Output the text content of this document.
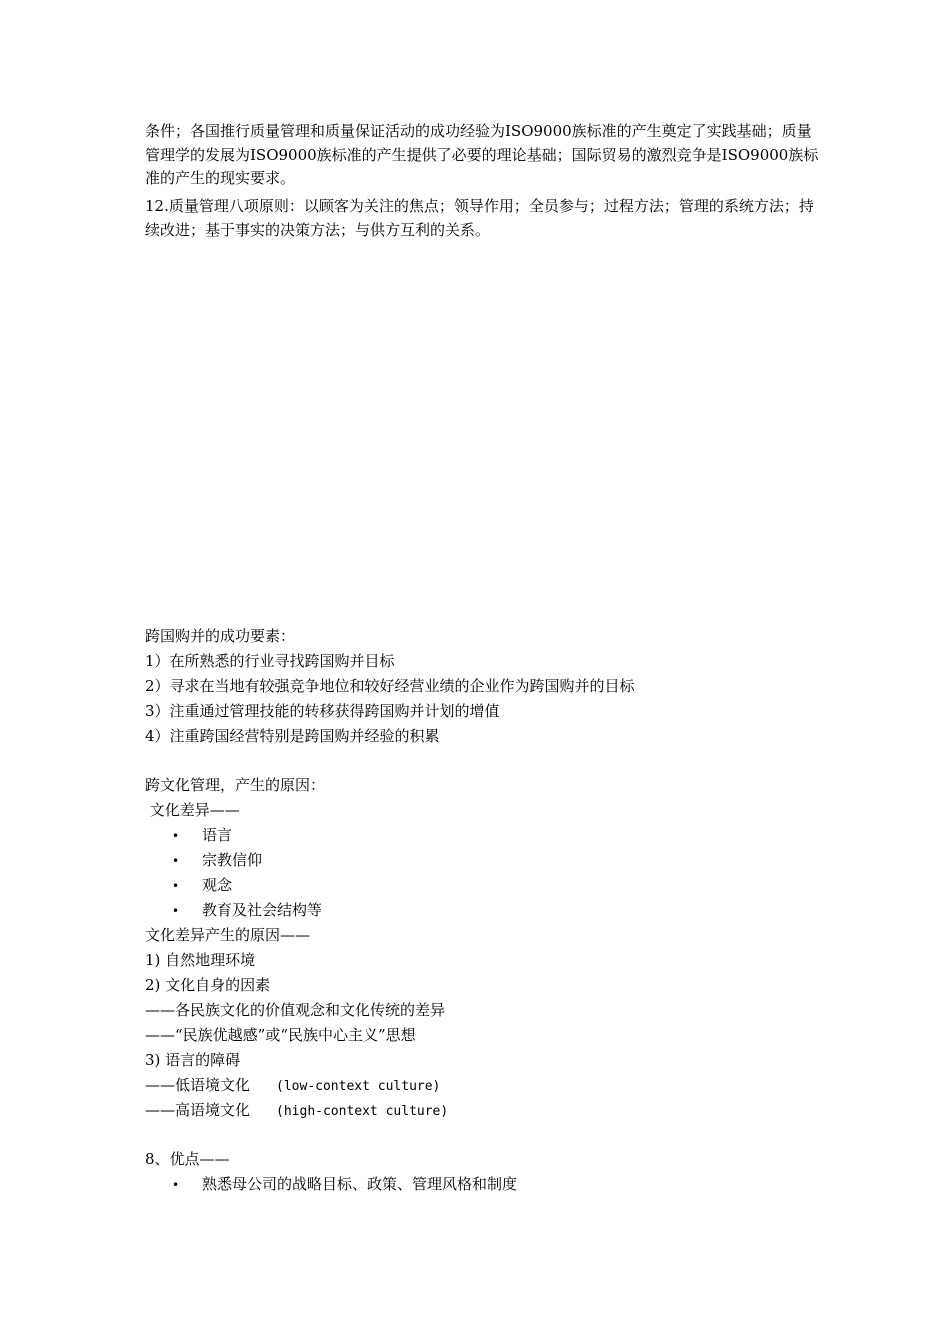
条件；各国推行质量管理和质量保证活动的成功经验为ISO9000族标准的产生奠定了实践基础；质量管理学的发展为ISO9000族标准的产生提供了必要的理论基础；国际贸易的激烈竞争是ISO9000族标准的产生的现实要求。

12.质量管理八项原则：以顾客为关注的焦点；领导作用；全员参与；过程方法；管理的系统方法；持续改进；基于事实的决策方法；与供方互利的关系。

跨国购并的成功要素：
1）在所熟悉的行业寻找跨国购并目标
2）寻求在当地有较强竞争地位和较好经营业绩的企业作为跨国购并的目标
3）注重通过管理技能的转移获得跨国购并计划的增值
4）注重跨国经营特别是跨国购并经验的积累
跨文化管理，产生的原因：
文化差异——
• 语言
• 宗教信仰
• 观念
• 教育及社会结构等
文化差异产生的原因——
1) 自然地理环境
2) 文化自身的因素
——各民族文化的价值观念和文化传统的差异
——“民族优越感”或“民族中心主义”思想
3) 语言的障碍
——低语境文化 (low-context culture)
——高语境文化 (high-context culture)
8、优点——
• 熟悉母公司的战略目标、政策、管理风格和制度
